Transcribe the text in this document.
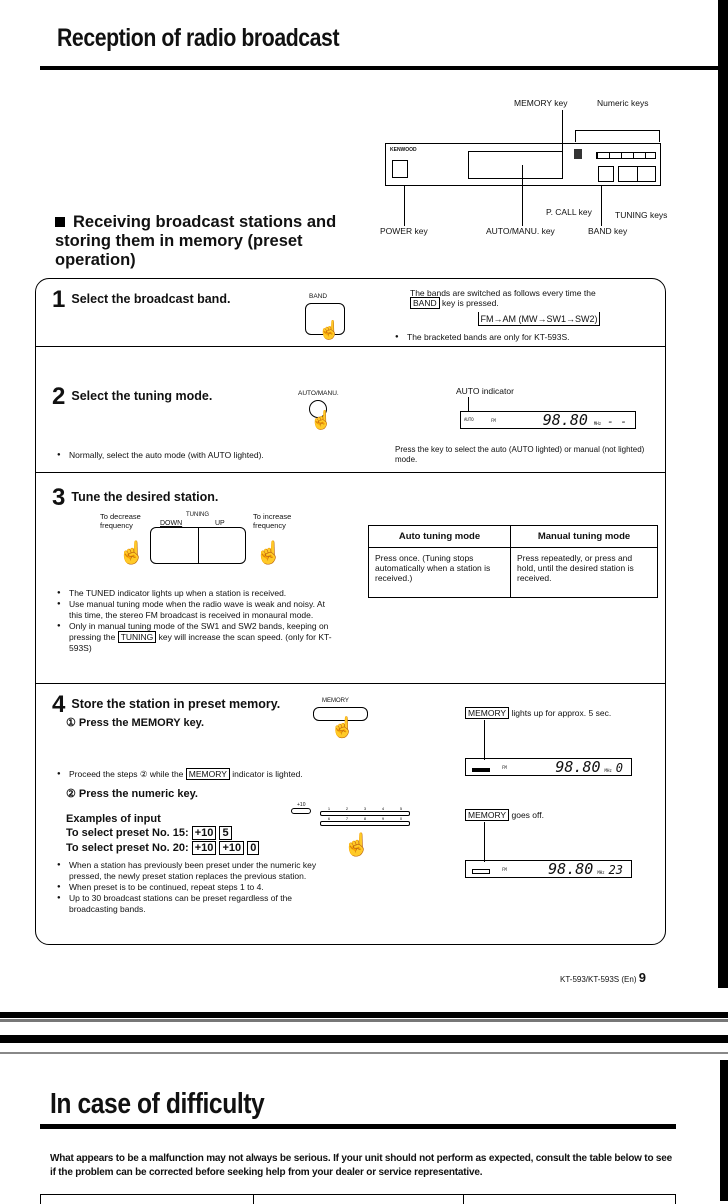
Reception of radio broadcast
MEMORY key	Numeric keys
KENWOOD
P. CALL key	TUNING keys
POWER key	AUTO/MANU. key	BAND key
Receiving broadcast stations and storing them in memory (preset operation)
1 Select the broadcast band.	BAND
☝
The bands are switched as follows every time the BAND key is pressed.
FM→AM (MW→SW1→SW2)
● The bracketed bands are only for KT-593S.
2 Select the tuning mode.	AUTO/MANU.
☝
● Normally, select the auto mode (with AUTO lighted).
AUTO indicator
AUTO	FM	98.80 MHz - -
Press the key to select the auto (AUTO lighted) or manual (not lighted) mode.
3 Tune the desired station.
To decrease frequency
To increase frequency
TUNING
DOWN	UP
☝	☝
● The TUNED indicator lights up when a station is received.
● Use manual tuning mode when the radio wave is weak and noisy. At this time, the stereo FM broadcast is received in monaural mode.
● Only in manual tuning mode of the SW1 and SW2 bands, keeping on pressing the TUNING key will increase the scan speed. (only for KT-593S)
Auto tuning mode	Manual tuning mode
Press once. (Tuning stops automatically when a station is received.)	Press repeatedly, or press and hold, until the desired station is received.
4 Store the station in preset memory.
① Press the MEMORY key.
MEMORY
☝
● Proceed the steps ② while the MEMORY indicator is lighted.
② Press the numeric key.
Examples of input
To select preset No. 15: +10 5
To select preset No. 20: +10 +10 0
+10
1	2	3	4	5
6	7	8	9	0
☝
● When a station has previously been preset under the numeric key pressed, the newly preset station replaces the previous station.
● When preset is to be continued, repeat steps 1 to 4.
● Up to 30 broadcast stations can be preset regardless of the broadcasting bands.
MEMORY lights up for approx. 5 sec.
FM	98.80 MHz 0
MEMORY goes off.
FM	98.80 MHz 23
KT-593/KT-593S (En) 9
In case of difficulty
What appears to be a malfunction may not always be serious. If your unit should not perform as expected, consult the table below to see if the problem can be corrected before seeking help from your dealer or service representative.
